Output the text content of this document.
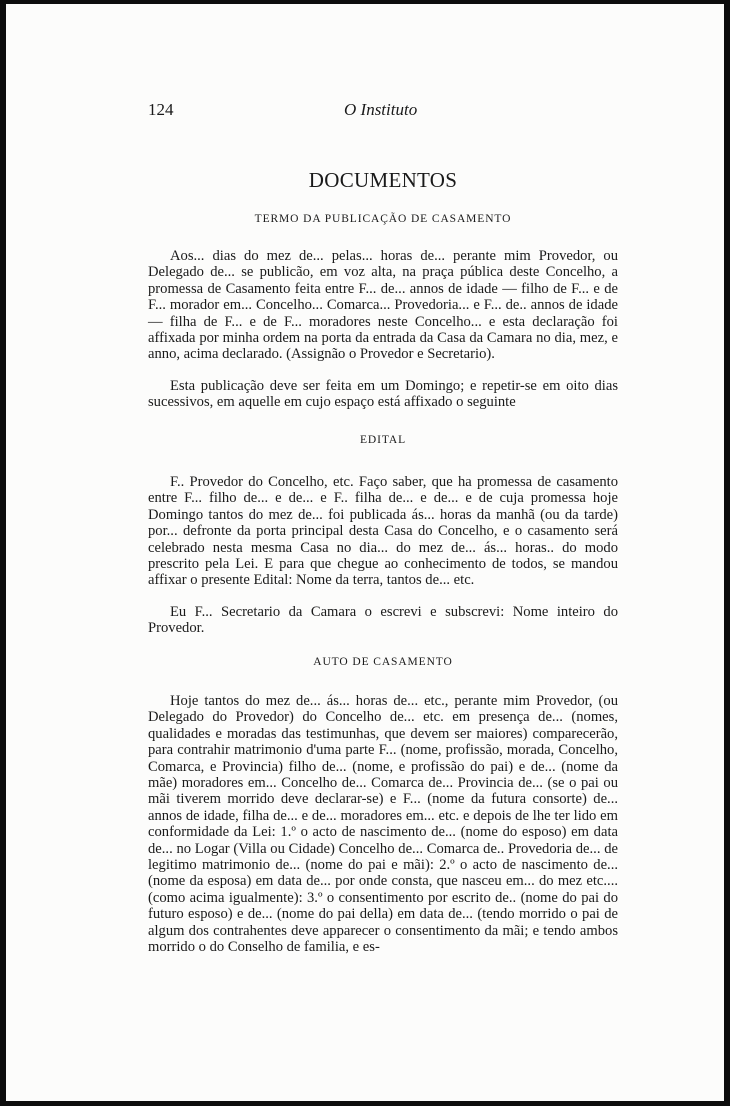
124	O Instituto
DOCUMENTOS
TERMO DA PUBLICAÇÃO DE CASAMENTO

Aos... dias do mez de... pelas... horas de... perante mim Provedor, ou Delegado de... se publicão, em voz alta, na praça pública deste Concelho, a promessa de Casamento feita entre F... de... annos de idade — filho de F... e de F... morador em... Concelho... Comarca... Provedoria... e F... de.. annos de idade — filha de F... e de F... moradores neste Concelho... e esta declaração foi affixada por minha ordem na porta da entrada da Casa da Camara no dia, mez, e anno, acima declarado. (Assignão o Provedor e Secretario).

Esta publicação deve ser feita em um Domingo; e repetir-se em oito dias sucessivos, em aquelle em cujo espaço está affixado o seguinte

EDITAL

F.. Provedor do Concelho, etc. Faço saber, que ha promessa de casamento entre F... filho de... e de... e F.. filha de... e de... e de cuja promessa hoje Domingo tantos do mez de... foi publicada ás... horas da manhã (ou da tarde) por... defronte da porta principal desta Casa do Concelho, e o casamento será celebrado nesta mesma Casa no dia... do mez de... ás... horas.. do modo prescrito pela Lei. E para que chegue ao conhecimento de todos, se mandou affixar o presente Edital: Nome da terra, tantos de... etc.

Eu F... Secretario da Camara o escrevi e subscrevi: Nome inteiro do Provedor.

AUTO DE CASAMENTO

Hoje tantos do mez de... ás... horas de... etc., perante mim Provedor, (ou Delegado do Provedor) do Concelho de... etc. em presença de... (nomes, qualidades e moradas das testimunhas, que devem ser maiores) comparecerão, para contrahir matrimonio d'uma parte F... (nome, profissão, morada, Concelho, Comarca, e Provincia) filho de... (nome, e profissão do pai) e de... (nome da mãe) moradores em... Concelho de... Comarca de... Provincia de... (se o pai ou mãi tiverem morrido deve declarar-se) e F... (nome da futura consorte) de... annos de idade, filha de... e de... moradores em... etc. e depois de lhe ter lido em conformidade da Lei: 1.º o acto de nascimento de... (nome do esposo) em data de... no Logar (Villa ou Cidade) Concelho de... Comarca de.. Provedoria de... de legitimo matrimonio de... (nome do pai e mãi): 2.º o acto de nascimento de... (nome da esposa) em data de... por onde consta, que nasceu em... do mez etc.... (como acima igualmente): 3.º o consentimento por escrito de.. (nome do pai do futuro esposo) e de... (nome do pai della) em data de... (tendo morrido o pai de algum dos contrahentes deve apparecer o consentimento da mãi; e tendo ambos morrido o do Conselho de familia, e es-
